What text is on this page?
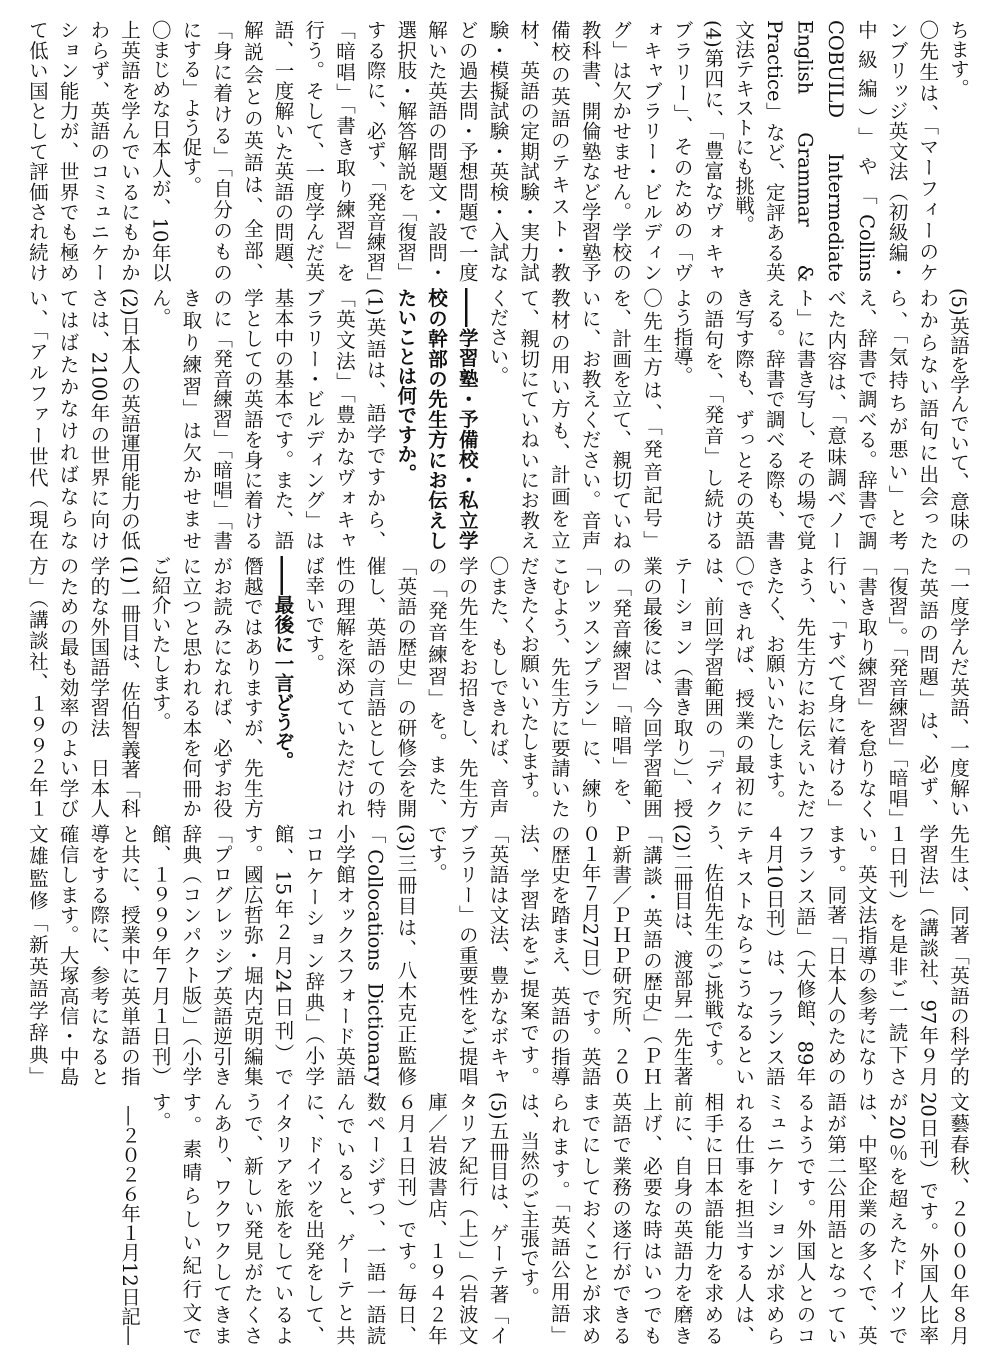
ちます。

〇先生は、「マーフィーのケンブリッジ英文法（初級編・中級編）」や「Collins COBUILD Intermediate English Grammar & Practice」など、定評ある英文法テキストにも挑戦。

(4)第四に、「豊富なヴォキャブラリー」、そのための「ヴォキャブラリー・ビルディング」は欠かせません。学校の教科書、開倫塾など学習塾予備校の英語のテキスト・教材、英語の定期試験・実力試験・模擬試験・英検・入試などの過去問・予想問題で一度解いた英語の問題文・設問・選択肢・解答解説を「復習」する際に、必ず、「発音練習」「暗唱」「書き取り練習」を行う。そして、一度学んだ英語、一度解いた英語の問題、解説会との英語は、全部、「身に着ける」「自分のものにする」よう促す。

〇まじめな日本人が、10年以上英語を学んでいるにもかかわらず、英語のコミュニケーション能力が、世界でも極めて低い国として評価され続け

(5)英語を学んでいて、意味のわからない語句に出会ったら、「気持ちが悪い」と考え、辞書で調べる。辞書で調べた内容は、「意味調べノート」に書き写し、その場で覚える。辞書で調べる際も、書き写す際も、ずっとその英語の語句を、「発音」し続けるよう指導。

〇先生方は、「発音記号」を、計画を立て、親切ていねいに、お教えください。音声教材の用い方も、計画を立て、親切にていねいにお教えください。

――学習塾・予備校・私立学校の幹部の先生方にお伝えしたいことは何ですか。

(1)英語は、語学ですから、「英文法」「豊かなヴォキャブラリー・ビルディング」は基本中の基本です。また、語学としての英語を身に着けるのに「発音練習」「暗唱」「書き取り練習」は欠かせません。

(2)日本人の英語運用能力の低さは、2100年の世界に向けてはばたかなければならない、「アルファー世代（現在

「一度学んだ英語、一度解いた英語の問題」は、必ず、「復習」。「発音練習」「暗唱」「書き取り練習」を怠りなく行い、「すべて身に着ける」よう、先生方にお伝えいただきたく、お願いいたします。

〇できれば、授業の最初には、前回学習範囲の「ディクテーション（書き取り）」、授業の最後には、今回学習範囲の「発音練習」「暗唱」を、「レッスンプラン」に、練りこむよう、先生方に要請いただきたくお願いいたします。

〇また、もしできれば、音声学の先生をお招きし、先生方の「発音練習」を。また、「英語の歴史」の研修会を開催し、英語の言語としての特性の理解を深めていただければ幸いです。

――最後に一言どうぞ。

僭越ではありますが、先生方がお読みになれば、必ずお役に立つと思われる本を何冊かご紹介いたします。

(1)一冊目は、佐伯智義著「科学的な外国語学習法　日本人のための最も効率のよい学び方」（講談社、１９９２年１

先生は、同著「英語の科学的学習法」（講談社、97年９月１日刊）を是非ご一読下さい。英文法指導の参考になります。同著「日本人のためのフランス語」（大修館、89年４月10日刊）は、フランス語テキストならこうなるという、佐伯先生のご挑戦です。

(2)二冊目は、渡部昇一先生著「講談・英語の歴史」（ＰＨＰ新書／ＰＨＰ研究所、２００１年７月27日）です。英語の歴史を踏まえ、英語の指導法、学習法をご提案です。「英語は文法、豊かなボキャブラリー」の重要性をご提唱です。

(3)三冊目は、八木克正監修「Collocations Dictionary　小学館オックスフォード英語コロケーション辞典」（小学館、15年２月24日刊）です。國広哲弥・堀内克明編集「プログレッシブ英語逆引き辞典（コンパクト版）」（小学館、１９９９年７月１日刊）と共に、授業中に英単語の指導をする際に、参考になると確信します。大塚高信・中島文雄監修「新英語学辞典」

文藝春秋、２０００年８月20日刊）です。外国人比率が20％を超えたドイツでは、中堅企業の多くで、英語が第二公用語となっているようです。外国人とのコミュニケーションが求められる仕事を担当する人は、相手に日本語能力を求める前に、自身の英語力を磨き上げ、必要な時はいつでも英語で業務の遂行ができるまでにしておくことが求められます。「英語公用語」は、当然のご主張です。

(5)五冊目は、ゲーテ著「イタリア紀行（上）」（岩波文庫／岩波書店、１９４２年６月１日刊）です。毎日、数ページずつ、一語一語読んでいると、ゲーテと共に、ドイツを出発をして、イタリアを旅をしているようで、新しい発見がたくさんあり、ワクワクしてきます。素晴らしい紀行文です。

―２０２６年１月12日記―
